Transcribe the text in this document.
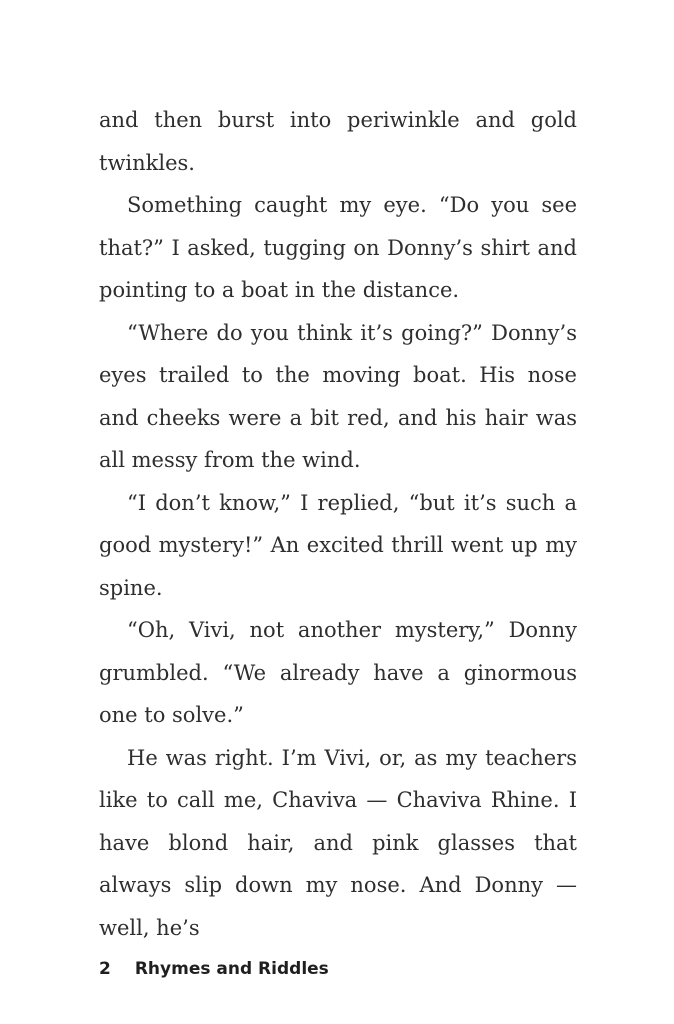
and then burst into periwinkle and gold twinkles.

Something caught my eye. “Do you see that?” I asked, tugging on Donny’s shirt and pointing to a boat in the distance.

“Where do you think it’s going?” Donny’s eyes trailed to the moving boat. His nose and cheeks were a bit red, and his hair was all messy from the wind.

“I don’t know,” I replied, “but it’s such a good mystery!” An excited thrill went up my spine.

“Oh, Vivi, not another mystery,” Donny grumbled. “We already have a ginormous one to solve.”

He was right. I’m Vivi, or, as my teachers like to call me, Chaviva — Chaviva Rhine. I have blond hair, and pink glasses that always slip down my nose. And Donny — well, he’s

2 Rhymes and Riddles
